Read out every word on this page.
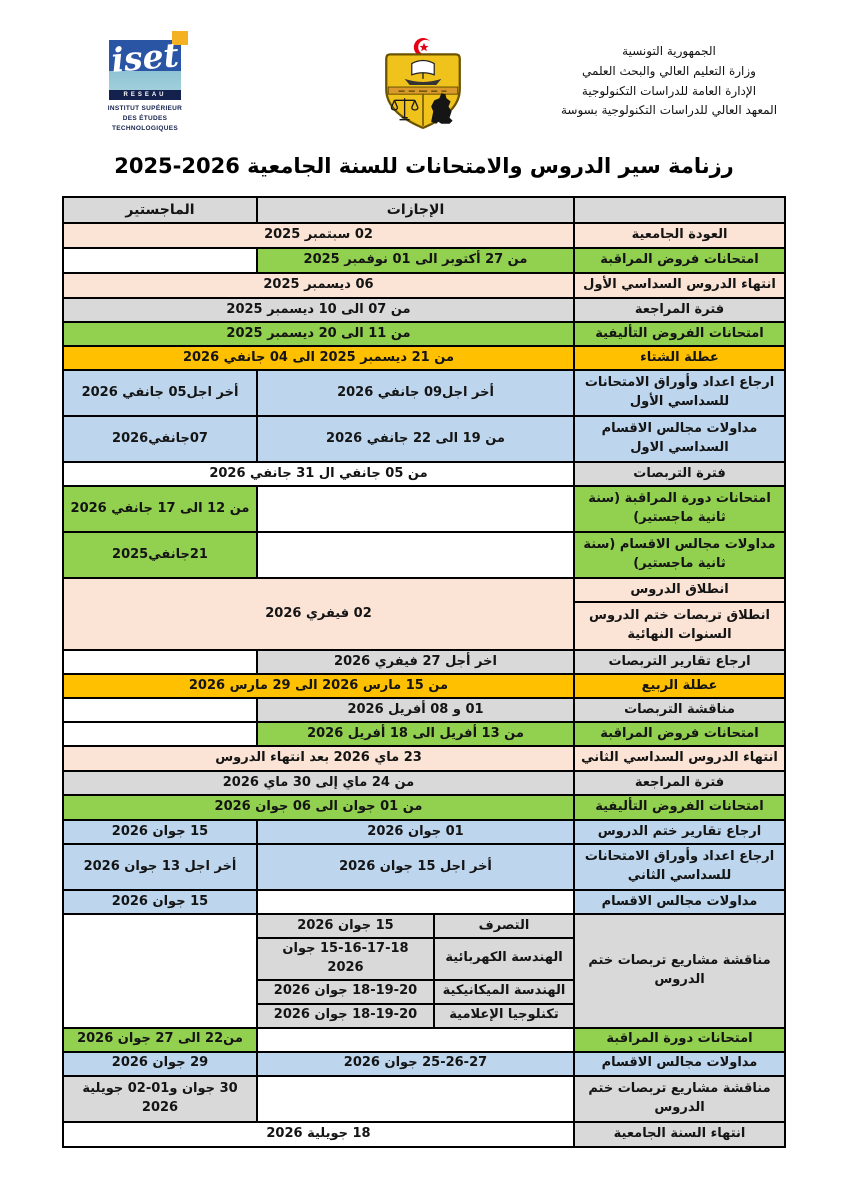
iset
RESEAU
INSTITUT SUPÉRIEUR
DES ÉTUDES
TECHNOLOGIQUES
الجمهورية التونسية
وزارة التعليم العالي والبحث العلمي
الإدارة العامة للدراسات التكنولوجية
المعهد العالي للدراسات التكنولوجية بسوسة
رزنامة سير الدروس والامتحانات للسنة الجامعية 2026-2025
	الإجازات		الماجستير
العودة الجامعية	02 سبتمبر 2025		
امتحانات فروض المراقبة	من 27 أكتوبر الى 01 نوفمبر 2025		
انتهاء الدروس السداسي الأول	06 ديسمبر 2025		
فترة المراجعة	من 07 الى 10 ديسمبر 2025		
امتحانات الفروض التأليفية	من 11 الى 20 ديسمبر 2025		
عطلة الشتاء	من 21 ديسمبر 2025 الى 04 جانفي 2026		
ارجاع اعداد وأوراق الامتحانات للسداسي الأول	أخر اجل09 جانفي 2026		أخر اجل05 جانفي 2026
مداولات مجالس الاقسام السداسي الاول	من 19 الى 22 جانفي 2026		07جانفي2026
فترة التربصات	من 05 جانفي ال 31 جانفي 2026		
امتحانات دورة المراقبة (سنة ثانية ماجستير)			من 12 الى 17 جانفي 2026
مداولات مجالس الاقسام (سنة ثانية ماجستير)			21جانفي2025
انطلاق الدروس	02 فيفري 2026		
انطلاق تربصات ختم الدروس السنوات النهائية			
ارجاع تقارير التربصات	اخر أجل 27 فيفري 2026		
عطلة الربيع	من 15 مارس 2026 الى 29 مارس 2026		
مناقشة التربصات	01 و 08 أفريل 2026		
امتحانات فروض المراقبة	من 13 أفريل الى 18 أفريل 2026		
انتهاء الدروس السداسي الثاني	23 ماي 2026 بعد انتهاء الدروس		
فترة المراجعة	من 24 ماي إلى 30 ماي 2026		
امتحانات الفروض التأليفية	من 01 جوان الى 06 جوان 2026		
ارجاع تقارير ختم الدروس	01 جوان 2026		15 جوان 2026
ارجاع اعداد وأوراق الامتحانات للسداسي الثاني	أخر اجل 15 جوان 2026		أخر اجل 13 جوان 2026
مداولات مجالس الاقسام			15 جوان 2026
مناقشة مشاريع تربصات ختم الدروس	التصرف	15 جوان 2026	
	الهندسة الكهربائية	15-16-17-18 جوان 2026	
	الهندسة الميكانيكية	18-19-20 جوان 2026	
	تكنلوجيا الإعلامية	18-19-20 جوان 2026	
امتحانات دورة المراقبة			من22 الى 27 جوان 2026
مداولات مجالس الاقسام	25-26-27 جوان 2026		29 جوان 2026
مناقشة مشاريع تربصات ختم الدروس			30 جوان و01-02 جويلية 2026
انتهاء السنة الجامعية	18 جويلية 2026		
